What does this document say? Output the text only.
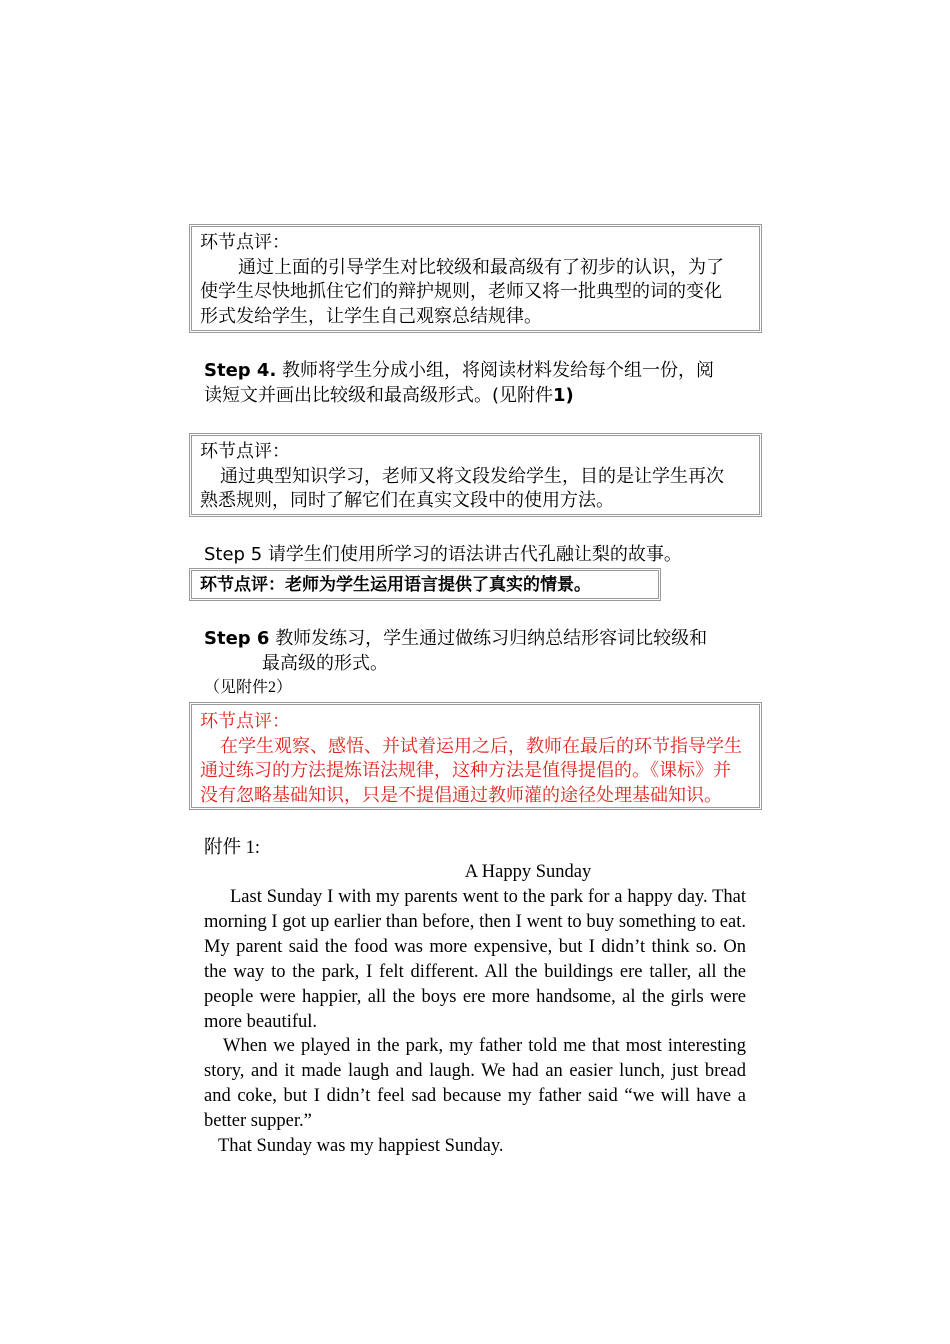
环节点评：
通过上面的引导学生对比较级和最高级有了初步的认识，为了
使学生尽快地抓住它们的辩护规则，老师又将一批典型的词的变化
形式发给学生，让学生自己观察总结规律。
Step 4. 教师将学生分成小组，将阅读材料发给每个组一份，阅
读短文并画出比较级和最高级形式。(见附件1)
环节点评：
通过典型知识学习，老师又将文段发给学生，目的是让学生再次
熟悉规则，同时了解它们在真实文段中的使用方法。
Step 5 请学生们使用所学习的语法讲古代孔融让梨的故事。
环节点评：老师为学生运用语言提供了真实的情景。
Step 6 教师发练习，学生通过做练习归纳总结形容词比较级和
最高级的形式。
（见附件2）
环节点评：
在学生观察、感悟、并试着运用之后，教师在最后的环节指导学生
通过练习的方法提炼语法规律，这种方法是值得提倡的。《课标》并
没有忽略基础知识，只是不提倡通过教师灌的途径处理基础知识。
附件 1:
A Happy Sunday
Last Sunday I with my parents went to the park for a happy day. That morning I got up earlier than before, then I went to buy something to eat. My parent said the food was more expensive, but I didn’t think so. On the way to the park, I felt different. All the buildings ere taller, all the people were happier, all the boys ere more handsome, al the girls were more beautiful.
When we played in the park, my father told me that most interesting story, and it made laugh and laugh. We had an easier lunch, just bread and coke, but I didn’t feel sad because my father said “we will have a better supper.”
That Sunday was my happiest Sunday.
